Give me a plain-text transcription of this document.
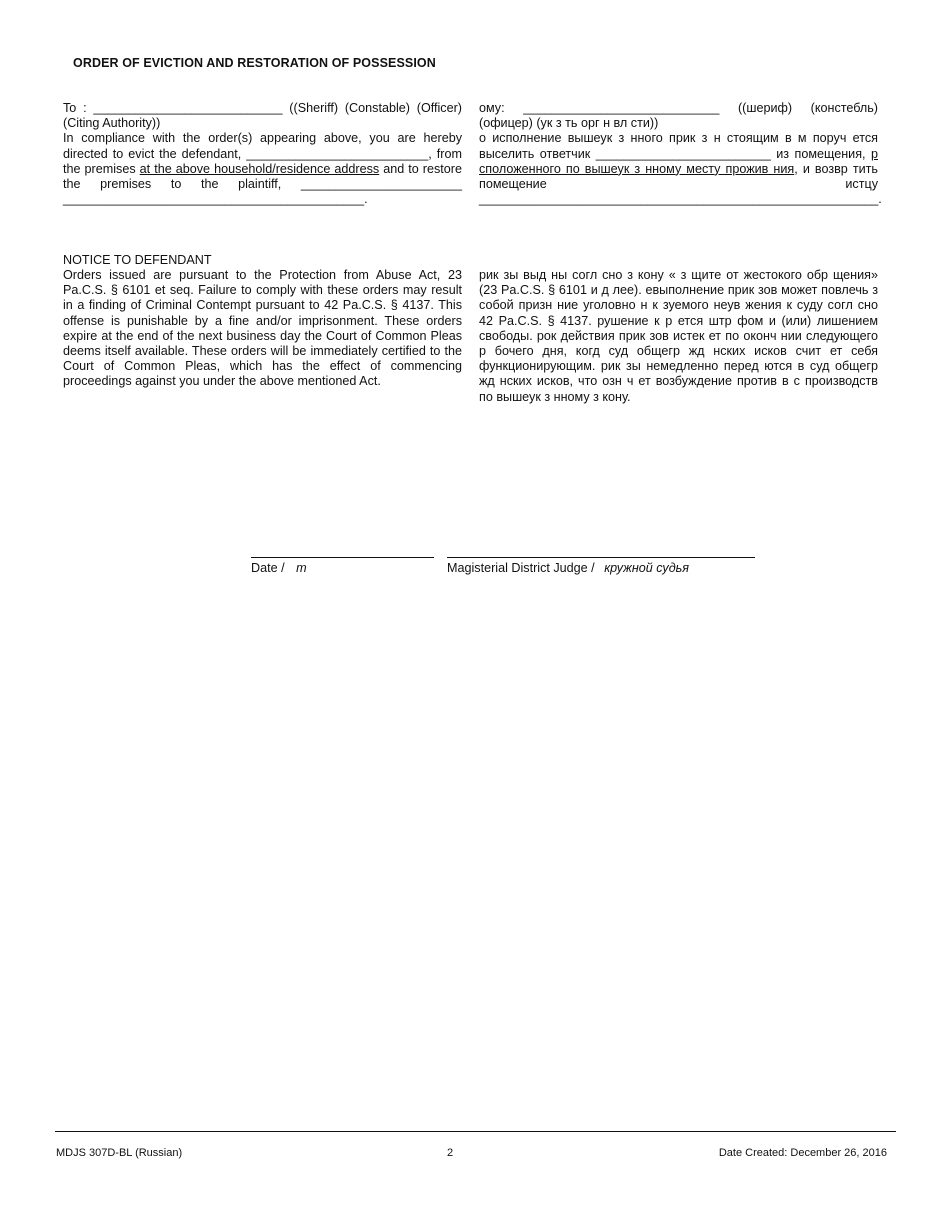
ORDER OF EVICTION AND RESTORATION OF POSSESSION
To : ___________________________ ((Sheriff) (Constable) (Officer) (Citing Authority))
In compliance with the order(s) appearing above, you are hereby directed to evict the defendant, __________________________, from the premises at the above household/residence address and to restore the premises to the plaintiff, _______________________ ___________________________________________.
ому: ____________________________ ((шериф) (констебль) (офицер) (ук з ть орг н вл сти))
о исполнение вышеук з нного прик з н стоящим в м поруч ется выселить ответчик _________________________ из помещения, р сположенного по вышеук з нному месту прожив ния, и возвр тить помещение истцу _________________________________________________________.
NOTICE TO DEFENDANT
Orders issued are pursuant to the Protection from Abuse Act, 23 Pa.C.S. § 6101 et seq. Failure to comply with these orders may result in a finding of Criminal Contempt pursuant to 42 Pa.C.S. § 4137. This offense is punishable by a fine and/or imprisonment. These orders expire at the end of the next business day the Court of Common Pleas deems itself available. These orders will be immediately certified to the Court of Common Pleas, which has the effect of commencing proceedings against you under the above mentioned Act.
рик зы выд ны согл сно з кону « з щите от жестокого обр щения» (23 Pa.C.S. § 6101 и д лее). евыполнение прик зов может повлечь з собой призн ние уголовно н к зуемого неув жения к суду согл сно 42 Pa.C.S. § 4137. рушение к р ется штр фом и (или) лишением свободы. рок действия прик зов истек ет по оконч нии следующего р бочего дня, когд суд общегр жд нских исков счит ет себя функционирующим. рик зы немедленно перед ются в суд общегр жд нских исков, что озн ч ет возбуждение против в с производств по вышеук з нному з кону.
Date / т	Magisterial District Judge / кружной судья
MDJS 307D-BL (Russian)	2	Date Created: December 26, 2016
